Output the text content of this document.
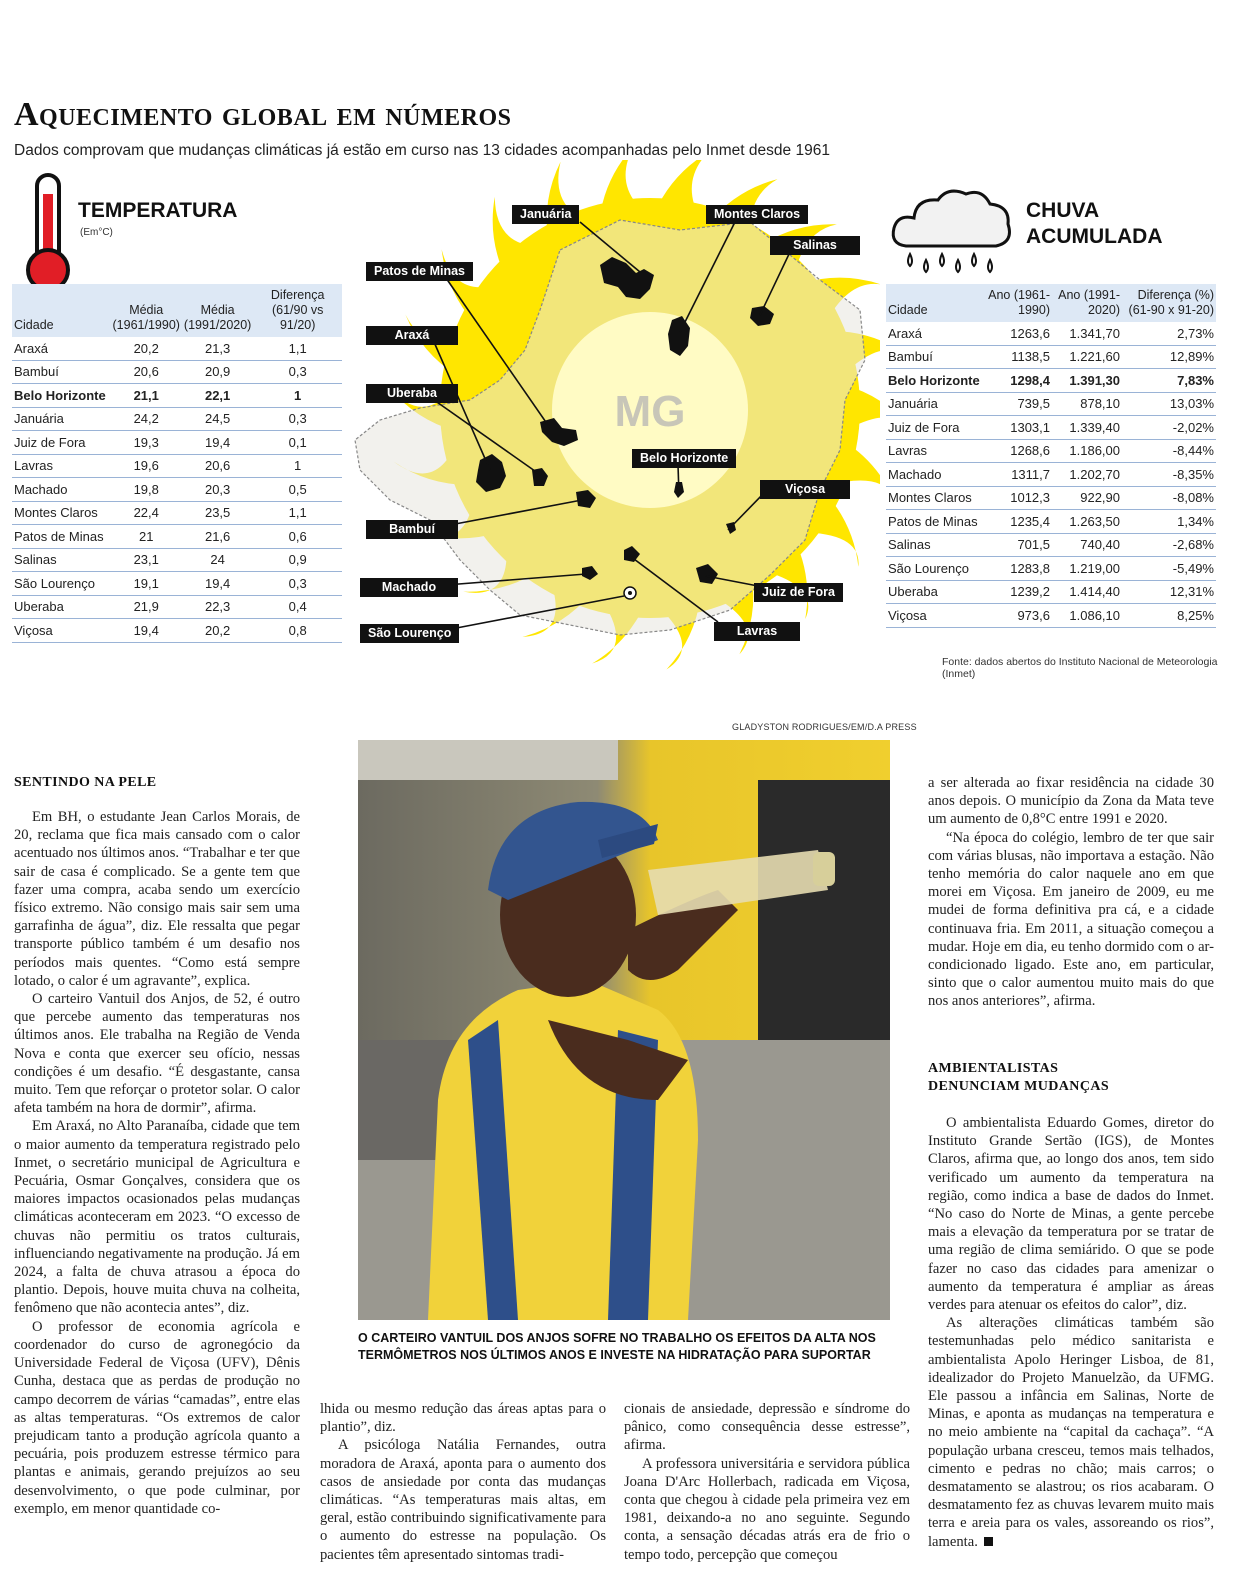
Aquecimento global em números
Dados comprovam que mudanças climáticas já estão em curso nas 13 cidades acompanhadas pelo Inmet desde 1961
TEMPERATURA
(Em°C)
Cidade	Média (1961/1990)	Média (1991/2020)	Diferença (61/90 vs 91/20)
Araxá	20,2	21,3	1,1
Bambuí	20,6	20,9	0,3
Belo Horizonte	21,1	22,1	1
Januária	24,2	24,5	0,3
Juiz de Fora	19,3	19,4	0,1
Lavras	19,6	20,6	1
Machado	19,8	20,3	0,5
Montes Claros	22,4	23,5	1,1
Patos de Minas	21	21,6	0,6
Salinas	23,1	24	0,9
São Lourenço	19,1	19,4	0,3
Uberaba	21,9	22,3	0,4
Viçosa	19,4	20,2	0,8
MG
Januária	Montes Claros
Salinas
Patos de Minas
Araxá
Uberaba
Belo Horizonte
Viçosa
Bambuí
Machado	Juiz de Fora
São Lourenço	Lavras
CHUVA
ACUMULADA
Cidade	Ano (1961-1990)	Ano (1991-2020)	Diferença (%) (61-90 x 91-20)
Araxá	1263,6	1.341,70	2,73%
Bambuí	1138,5	1.221,60	12,89%
Belo Horizonte	1298,4	1.391,30	7,83%
Januária	739,5	878,10	13,03%
Juiz de Fora	1303,1	1.339,40	-2,02%
Lavras	1268,6	1.186,00	-8,44%
Machado	1311,7	1.202,70	-8,35%
Montes Claros	1012,3	922,90	-8,08%
Patos de Minas	1235,4	1.263,50	1,34%
Salinas	701,5	740,40	-2,68%
São Lourenço	1283,8	1.219,00	-5,49%
Uberaba	1239,2	1.414,40	12,31%
Viçosa	973,6	1.086,10	8,25%
Fonte: dados abertos do Instituto Nacional de Meteorologia (Inmet)
GLADYSTON RODRIGUES/EM/D.A PRESS
O CARTEIRO VANTUIL DOS ANJOS SOFRE NO TRABALHO OS EFEITOS DA ALTA NOS TERMÔMETROS NOS ÚLTIMOS ANOS E INVESTE NA HIDRATAÇÃO PARA SUPORTAR
SENTINDO NA PELE

Em BH, o estudante Jean Carlos Morais, de 20, reclama que fica mais cansado com o calor acentuado nos últimos anos. “Trabalhar e ter que sair de casa é complicado. Se a gente tem que fazer uma compra, acaba sendo um exercício físico extremo. Não consigo mais sair sem uma garrafinha de água”, diz. Ele ressalta que pegar transporte público também é um desafio nos períodos mais quentes. “Como está sempre lotado, o calor é um agravante”, explica.

O carteiro Vantuil dos Anjos, de 52, é outro que percebe aumento das temperaturas nos últimos anos. Ele trabalha na Região de Venda Nova e conta que exercer seu ofício, nessas condições é um desafio. “É desgastante, cansa muito. Tem que reforçar o protetor solar. O calor afeta também na hora de dormir”, afirma.

Em Araxá, no Alto Paranaíba, cidade que tem o maior aumento da temperatura registrado pelo Inmet, o secretário municipal de Agricultura e Pecuária, Osmar Gonçalves, considera que os maiores impactos ocasionados pelas mudanças climáticas aconteceram em 2023. “O excesso de chuvas não permitiu os tratos culturais, influenciando negativamente na produção. Já em 2024, a falta de chuva atrasou a época do plantio. Depois, houve muita chuva na colheita, fenômeno que não acontecia antes”, diz.

O professor de economia agrícola e coordenador do curso de agronegócio da Universidade Federal de Viçosa (UFV), Dênis Cunha, destaca que as perdas de produção no campo decorrem de várias “camadas”, entre elas as altas temperaturas. “Os extremos de calor prejudicam tanto a produção agrícola quanto a pecuária, pois produzem estresse térmico para plantas e animais, gerando prejuízos ao seu desenvolvimento, o que pode culminar, por exemplo, em menor quantidade co-

lhida ou mesmo redução das áreas aptas para o plantio”, diz.

A psicóloga Natália Fernandes, outra moradora de Araxá, aponta para o aumento dos casos de ansiedade por conta das mudanças climáticas. “As temperaturas mais altas, em geral, estão contribuindo significativamente para o aumento do estresse na população. Os pacientes têm apresentado sintomas tradi-

cionais de ansiedade, depressão e síndrome do pânico, como consequência desse estresse”, afirma.

A professora universitária e servidora pública Joana D'Arc Hollerbach, radicada em Viçosa, conta que chegou à cidade pela primeira vez em 1981, deixando-a no ano seguinte. Segundo conta, a sensação décadas atrás era de frio o tempo todo, percepção que começou

a ser alterada ao fixar residência na cidade 30 anos depois. O município da Zona da Mata teve um aumento de 0,8°C entre 1991 e 2020.

“Na época do colégio, lembro de ter que sair com várias blusas, não importava a estação. Não tenho memória do calor naquele ano em que morei em Viçosa. Em janeiro de 2009, eu me mudei de forma definitiva pra cá, e a cidade continuava fria. Em 2011, a situação começou a mudar. Hoje em dia, eu tenho dormido com o ar-condicionado ligado. Este ano, em particular, sinto que o calor aumentou muito mais do que nos anos anteriores”, afirma.

AMBIENTALISTAS
DENUNCIAM MUDANÇAS

O ambientalista Eduardo Gomes, diretor do Instituto Grande Sertão (IGS), de Montes Claros, afirma que, ao longo dos anos, tem sido verificado um aumento da temperatura na região, como indica a base de dados do Inmet. “No caso do Norte de Minas, a gente percebe mais a elevação da temperatura por se tratar de uma região de clima semiárido. O que se pode fazer no caso das cidades para amenizar o aumento da temperatura é ampliar as áreas verdes para atenuar os efeitos do calor”, diz.

As alterações climáticas também são testemunhadas pelo médico sanitarista e ambientalista Apolo Heringer Lisboa, de 81, idealizador do Projeto Manuelzão, da UFMG. Ele passou a infância em Salinas, Norte de Minas, e aponta as mudanças na temperatura e no meio ambiente na “capital da cachaça”. “A população urbana cresceu, temos mais telhados, cimento e pedras no chão; mais carros; o desmatamento se alastrou; os rios acabaram. O desmatamento fez as chuvas levarem muito mais terra e areia para os vales, assoreando os rios”, lamenta.
